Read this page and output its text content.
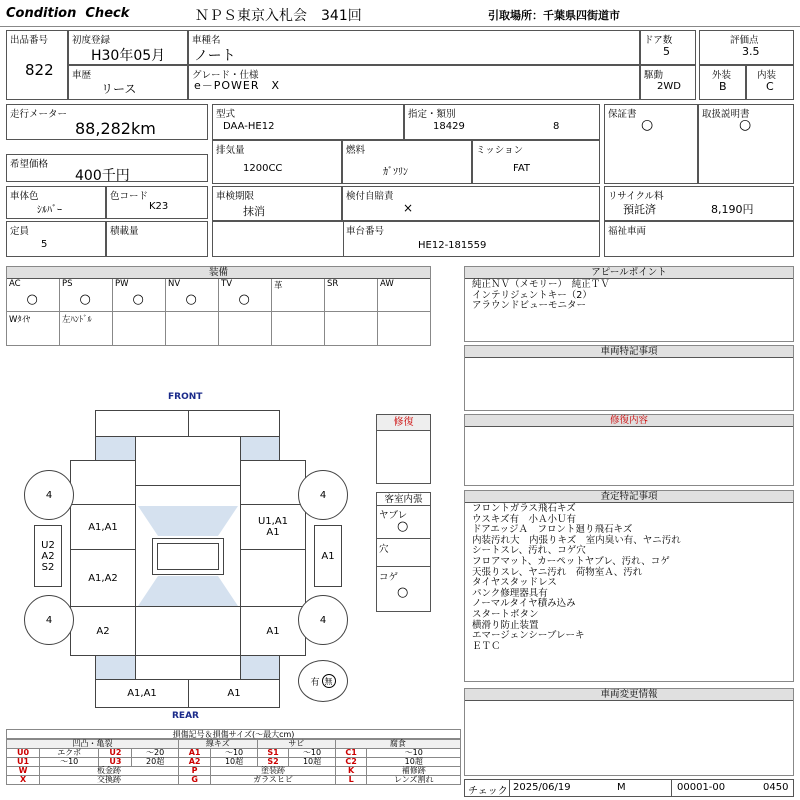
Condition  Check	ＮＰＳ東京入札会　341回	引取場所：千葉県四街道市
出品番号
822
初度登録
H30年05月
車種名
ノート
ドア数
5
評価点
3.5
車歴
リース
グレード・仕様
e－POWER　X
駆動
2WD
外装
B
内装
C
走行メーター
88,282km
希望価格
400千円
車体色
ｼﾙﾊﾞｰ
色コード
K23
定員
5
積載量
型式
DAA-HE12
指定・類別
18429	8
排気量
1200CC
燃料
ｶﾞｿﾘﾝ
ミッション
FAT
車検期限
抹消
検付自賠責
×
車台番号
HE12-181559
保証書
○
取扱説明書
○
リサイクル料
預託済	8,190円
福祉車両
装備
AC
○
PS
○
PW
○
NV
○
TV
○
革	SR	AW
Wﾀｲﾔ	左ﾊﾝﾄﾞﾙ
アピールポイント
純正ＮＶ（メモリー）　純正ＴＶ
インテリジェントキー（2）
アラウンドビューモニター
車両特記事項
修復内容
査定特記事項
フロントガラス飛石キズ
ウスキズ有　小Ａ小Ｕ有
ドアエッジＡ　フロント廻り飛石キズ
内装汚れ大　内張りキズ　室内臭い有、ヤニ汚れ
シートスレ、汚れ、コゲ穴
フロアマット、カーペットヤブレ、汚れ、コゲ
天張りスレ、ヤニ汚れ　荷物室Ａ、汚れ
タイヤスタッドレス
パンク修理器具有
ノーマルタイヤ積み込み
スタートボタン
横滑り防止装置
エマージェンシーブレーキ
ＥＴＣ
車両変更情報
チェック 2025/06/19	M	00001-00	0450
FRONT
REAR
A1,A1	U1,A1
A1
A1,A2
A2	A1
A1,A1	A1
4	4
4	4
U2
A2
S2
A1
有 無
修復
客室内張
ヤブレ
○
穴
コゲ
○
損傷記号＆損傷サイズ(〜最大cm)
凹凸・亀裂				線キズ		サビ		腐食	
U0	エクボ	U2	〜20	A1	〜10	S1	〜10	C1	〜10
U1	〜10	U3	20超	A2	10超	S2	10超	C2	10超
W	板金跡			P	塗装跡			K	補修跡
X	交換跡			G	ガラスヒビ			L	レンズ割れ
